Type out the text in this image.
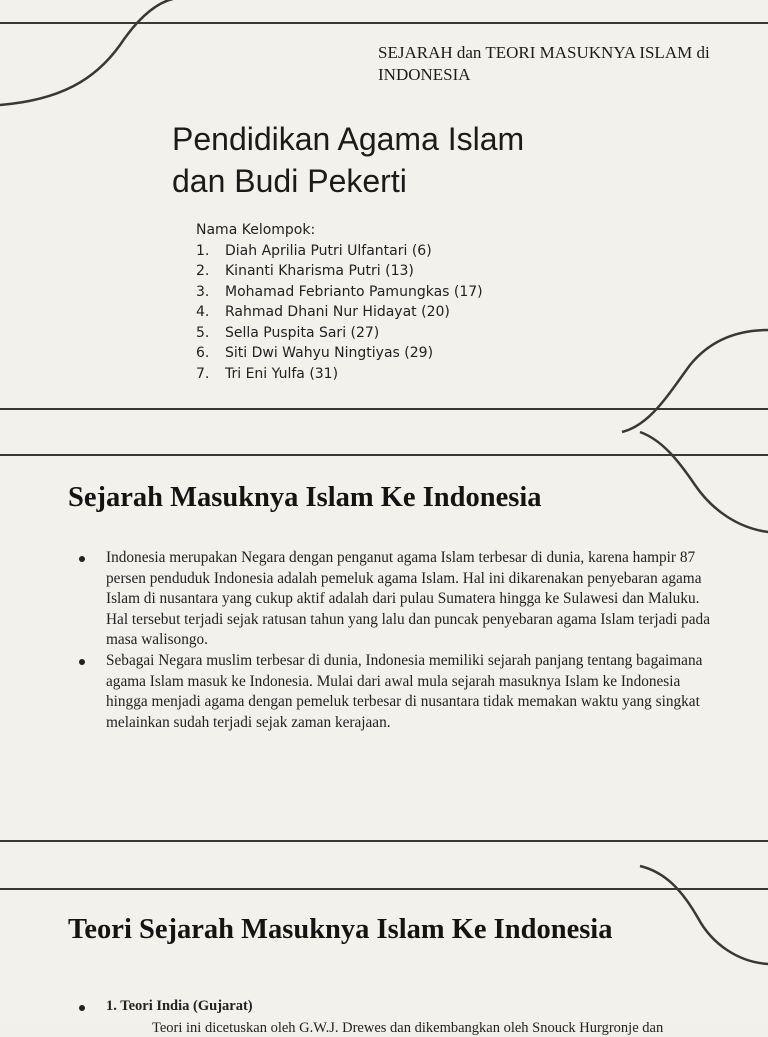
SEJARAH dan TEORI MASUKNYA ISLAM di INDONESIA
Pendidikan Agama Islam
dan Budi Pekerti
Nama Kelompok:
1.	Diah Aprilia Putri Ulfantari (6)
2.	Kinanti Kharisma Putri (13)
3.	Mohamad Febrianto Pamungkas (17)
4.	Rahmad Dhani Nur Hidayat (20)
5.	Sella Puspita Sari (27)
6.	Siti Dwi Wahyu Ningtiyas (29)
7.	Tri Eni Yulfa (31)
Sejarah Masuknya Islam Ke Indonesia
Indonesia merupakan Negara dengan penganut agama Islam terbesar di dunia, karena hampir 87 persen penduduk Indonesia adalah pemeluk agama Islam. Hal ini dikarenakan penyebaran agama Islam di nusantara yang cukup aktif adalah dari pulau Sumatera hingga ke Sulawesi dan Maluku. Hal tersebut terjadi sejak ratusan tahun yang lalu dan puncak penyebaran agama Islam terjadi pada masa walisongo.
Sebagai Negara muslim terbesar di dunia, Indonesia memiliki sejarah panjang tentang bagaimana agama Islam masuk ke Indonesia. Mulai dari awal mula sejarah masuknya Islam ke Indonesia hingga menjadi agama dengan pemeluk terbesar di nusantara tidak memakan waktu yang singkat melainkan sudah terjadi sejak zaman kerajaan.
Teori Sejarah Masuknya Islam Ke Indonesia
1. Teori India (Gujarat)
Teori ini dicetuskan oleh G.W.J. Drewes dan dikembangkan oleh Snouck Hurgronje dan
